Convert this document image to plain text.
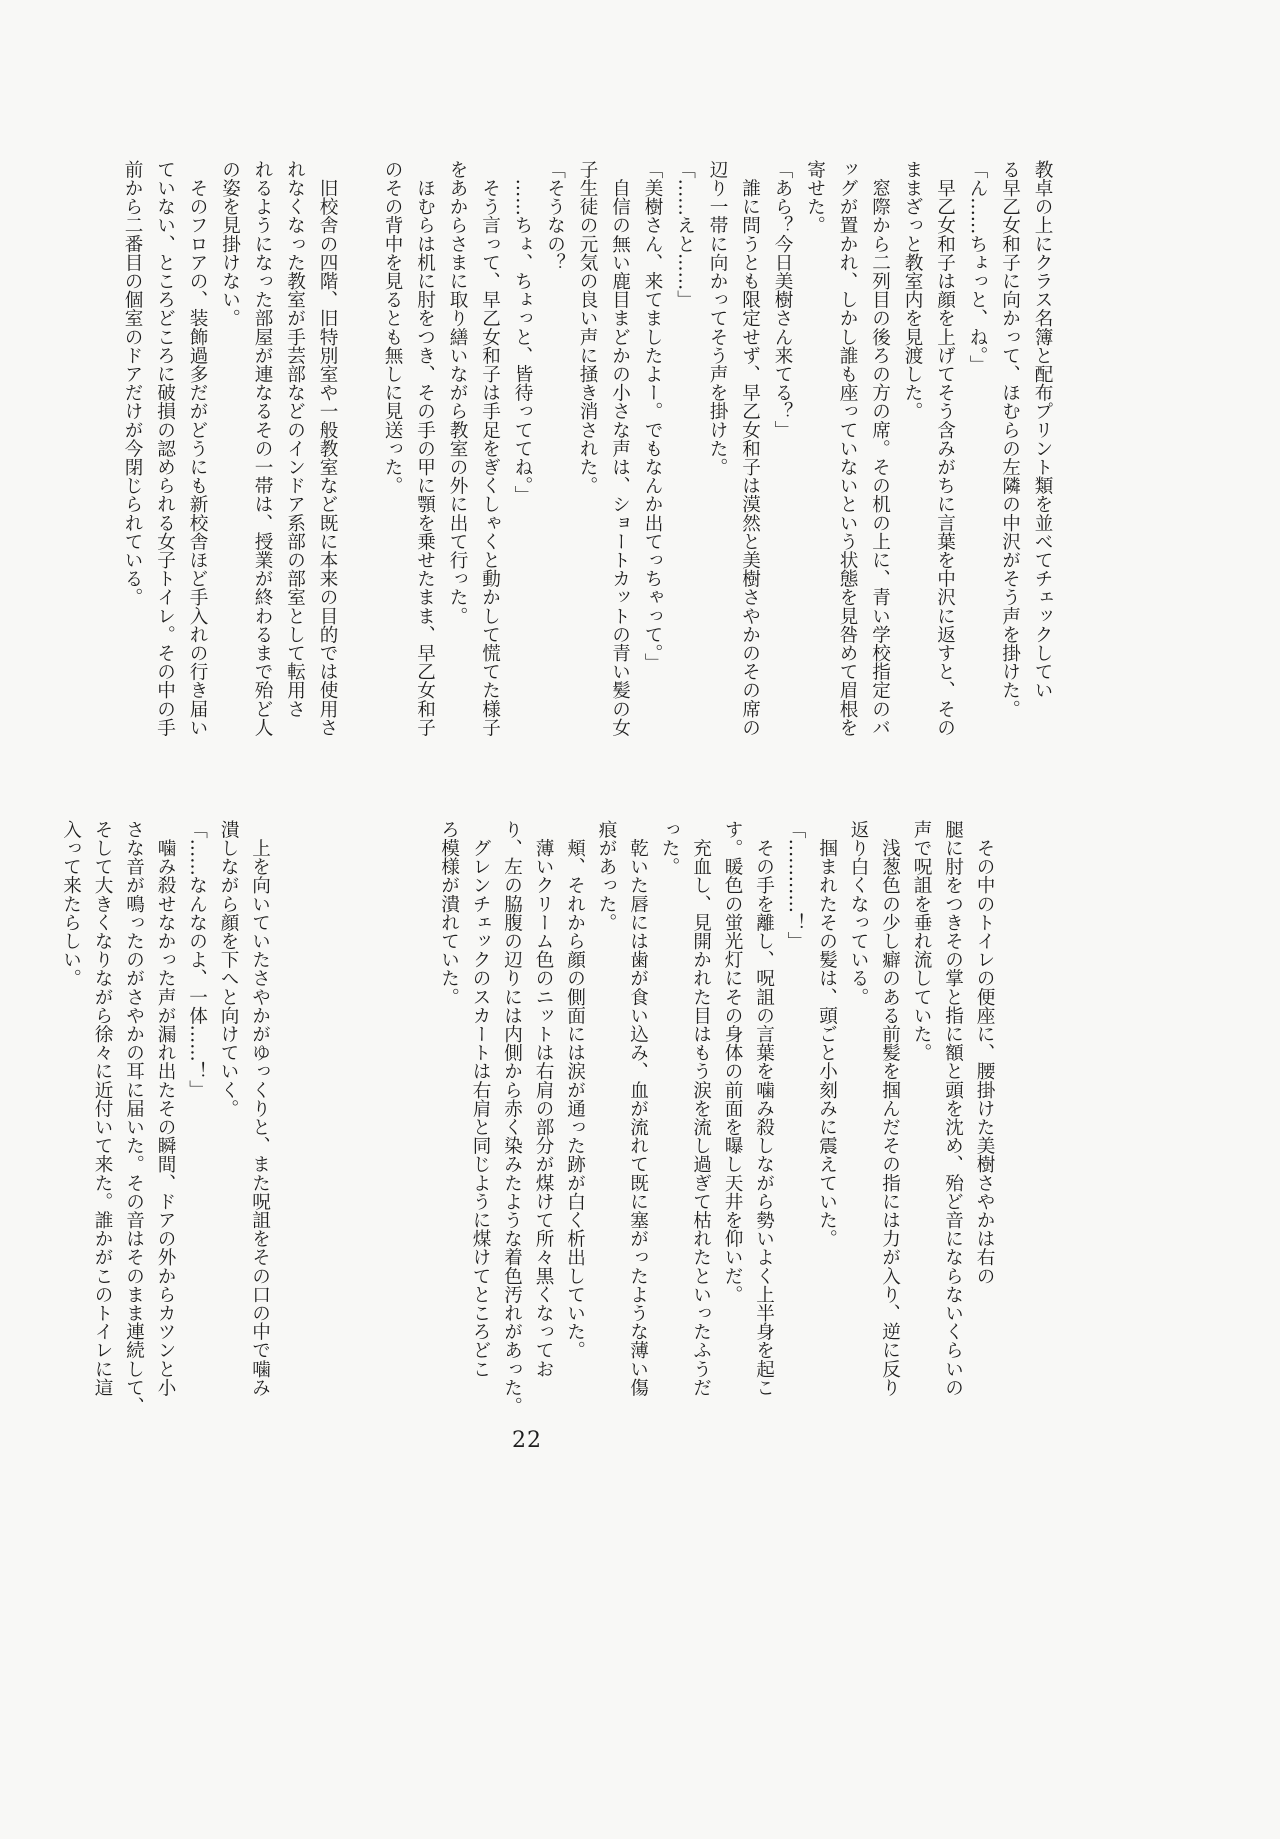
教卓の上にクラス名簿と配布プリント類を並べてチェックしてい
る早乙女和子に向かって、ほむらの左隣の中沢がそう声を掛けた。
「ん……ちょっと、ね。」
　早乙女和子は顔を上げてそう含みがちに言葉を中沢に返すと、その
ままざっと教室内を見渡した。
　窓際から二列目の後ろの方の席。その机の上に、青い学校指定のバ
ッグが置かれ、しかし誰も座っていないという状態を見咎めて眉根を
寄せた。
「あら？今日美樹さん来てる？」
　誰に問うとも限定せず、早乙女和子は漠然と美樹さやかのその席の
辺り一帯に向かってそう声を掛けた。
「……えと……」
「美樹さん、来てましたよー。でもなんか出てっちゃって。」
　自信の無い鹿目まどかの小さな声は、ショートカットの青い髪の女
子生徒の元気の良い声に掻き消された。
「そうなの？
　……ちょ、ちょっと、皆待っててね。」
　そう言って、早乙女和子は手足をぎくしゃくと動かして慌てた様子
をあからさまに取り繕いながら教室の外に出て行った。
　ほむらは机に肘をつき、その手の甲に顎を乗せたまま、早乙女和子
のその背中を見るとも無しに見送った。
　旧校舎の四階、旧特別室や一般教室など既に本来の目的では使用さ
れなくなった教室が手芸部などのインドア系部の部室として転用さ
れるようになった部屋が連なるその一帯は、授業が終わるまで殆ど人
の姿を見掛けない。
　そのフロアの、装飾過多だがどうにも新校舎ほど手入れの行き届い
ていない、ところどころに破損の認められる女子トイレ。その中の手
前から二番目の個室のドアだけが今閉じられている。
　その中のトイレの便座に、腰掛けた美樹さやかは右の
腿に肘をつきその掌と指に額と頭を沈め、殆ど音にならないくらいの
声で呪詛を垂れ流していた。
　浅葱色の少し癖のある前髪を掴んだその指には力が入り、逆に反り
返り白くなっている。
　掴まれたその髪は、頭ごと小刻みに震えていた。
「…………！」
　その手を離し、呪詛の言葉を噛み殺しながら勢いよく上半身を起こ
す。暖色の蛍光灯にその身体の前面を曝し天井を仰いだ。
　充血し、見開かれた目はもう涙を流し過ぎて枯れたといったふうだ
った。
　乾いた唇には歯が食い込み、血が流れて既に塞がったような薄い傷
痕があった。
　頬、それから顔の側面には涙が通った跡が白く析出していた。
　薄いクリーム色のニットは右肩の部分が煤けて所々黒くなってお
り、左の脇腹の辺りには内側から赤く染みたような着色汚れがあった。
　グレンチェックのスカートは右肩と同じように煤けてところどこ
ろ模様が潰れていた。
　上を向いていたさやかがゆっくりと、また呪詛をその口の中で噛み
潰しながら顔を下へと向けていく。
「……なんなのよ、一体……！」
　噛み殺せなかった声が漏れ出たその瞬間、ドアの外からカツンと小
さな音が鳴ったのがさやかの耳に届いた。その音はそのまま連続して、
そして大きくなりながら徐々に近付いて来た。誰かがこのトイレに這
入って来たらしい。
22
